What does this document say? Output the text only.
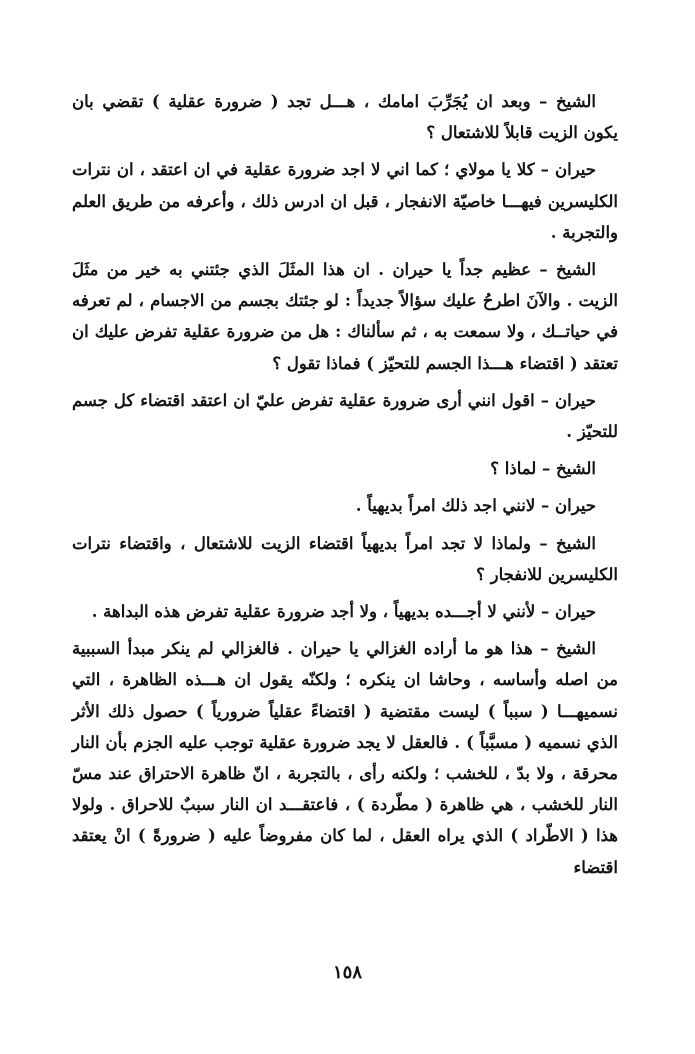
الشيخ – وبعد ان يُجَرِّبَ امامك ، هـــل تجد ( ضرورة عقلية ) تقضي بان يكون الزيت قابلاً للاشتعال ؟

حيران – كلا يا مولاي ؛ كما اني لا اجد ضرورة عقلية في ان اعتقد ، ان نترات الكليسرين فيهـــا خاصيّة الانفجار ، قبل ان ادرس ذلك ، وأعرفه من طريق العلم والتجربة .

الشيخ – عظيم جداً يا حيران . ان هذا المثَلَ الذي جئتني به خير من مثَلَ الزيت . والآنَ اطرحُ عليك سؤالاً جديداً : لو جئتك بجسم من الاجسام ، لم تعرفه في حياتــك ، ولا سمعت به ، ثم سألناك : هل من ضرورة عقلية تفرض عليك ان تعتقد ( اقتضاء هـــذا الجسم للتحيّز ) فماذا تقول ؟

حيران – اقول انني أرى ضرورة عقلية تفرض عليّ ان اعتقد اقتضاء كل جسم للتحيّز .

الشيخ – لماذا ؟

حيران – لانني اجد ذلك امراً بديهياً .

الشيخ – ولماذا لا تجد امراً بديهياً اقتضاء الزيت للاشتعال ، واقتضاء نترات الكليسرين للانفجار ؟

حيران – لأنني لا أجـــده بديهياً ، ولا أجد ضرورة عقلية تفرض هذه البداهة .

الشيخ – هذا هو ما أراده الغزالي يا حيران . فالغزالي لم ينكر مبدأ السببية من اصله وأساسه ، وحاشا ان ينكره ؛ ولكنّه يقول ان هـــذه الظاهرة ، التي نسميهـــا ( سبباً ) ليست مقتضية ( اقتضاءً عقلياً ضرورياً ) حصول ذلك الأثر الذي نسميه ( مسبَّباً ) . فالعقل لا يجد ضرورة عقلية توجب عليه الجزم بأن النار محرقة ، ولا بدّ ، للخشب ؛ ولكنه رأى ، بالتجربة ، انّ ظاهرة الاحتراق عند مسّ النار للخشب ، هي ظاهرة ( مطّردة ) ، فاعتقـــد ان النار سببٌ للاحراق . ولولا هذا ( الاطّراد ) الذي يراه العقل ، لما كان مفروضاً عليه ( ضرورةً ) انْ يعتقد اقتضاء

١٥٨
